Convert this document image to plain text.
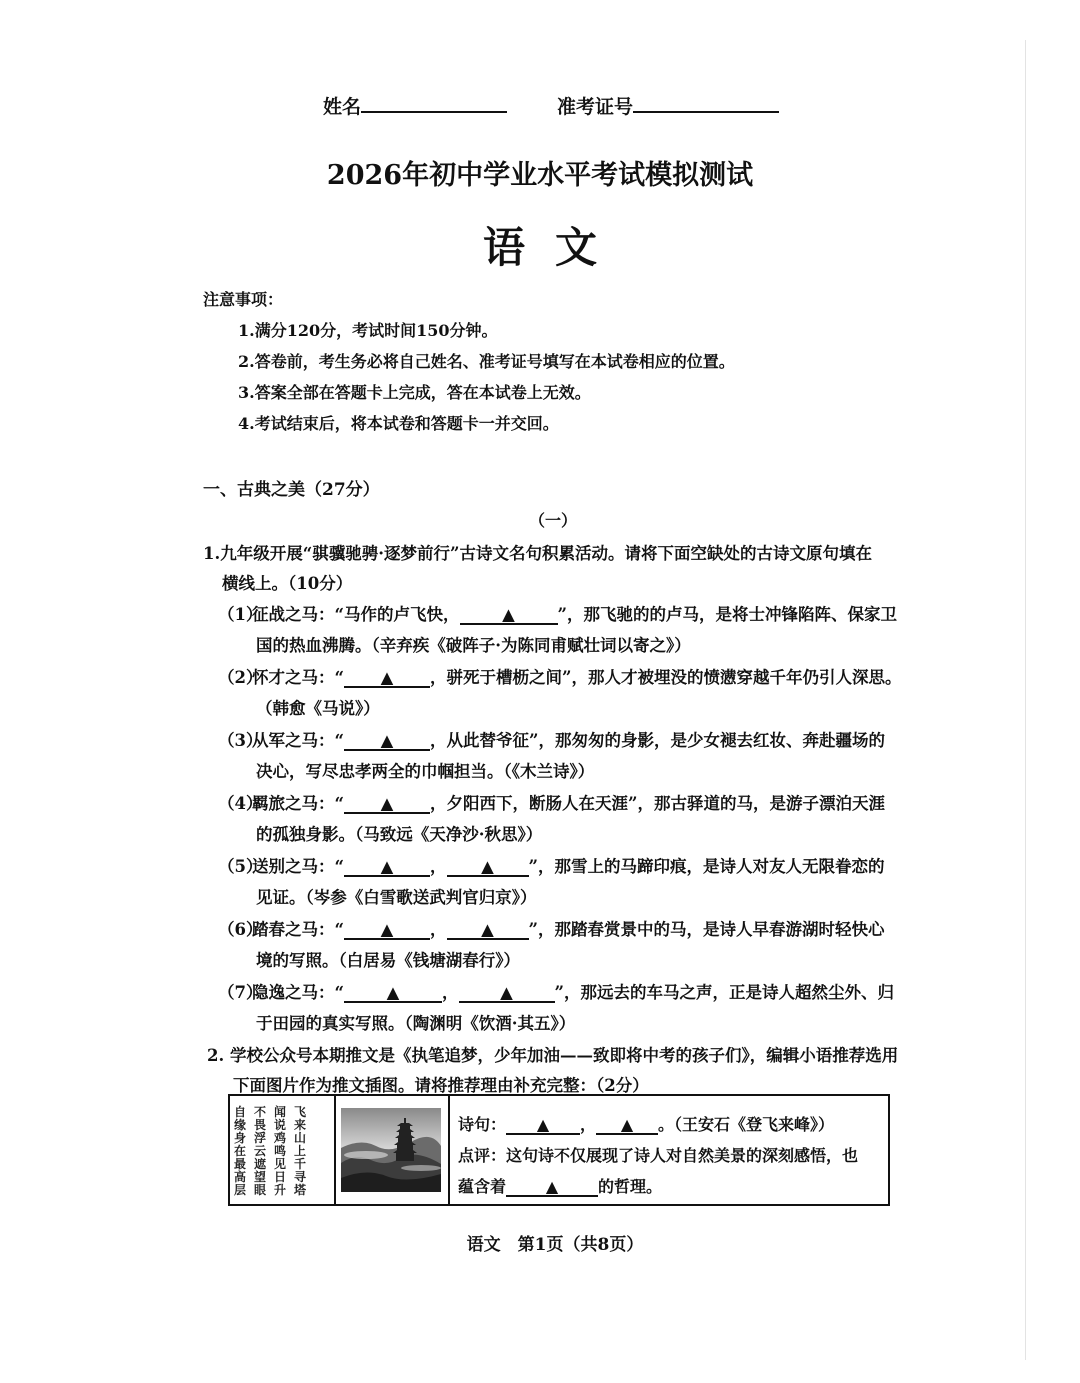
姓名	准考证号
2026年初中学业水平考试模拟测试
语文
注意事项：
1.满分120分，考试时间150分钟。
2.答卷前，考生务必将自己姓名、准考证号填写在本试卷相应的位置。
3.答案全部在答题卡上完成，答在本试卷上无效。
4.考试结束后，将本试卷和答题卡一并交回。
一、古典之美（27分）
（一）
1.九年级开展“骐骥驰骋·逐梦前行”古诗文名句积累活动。请将下面空缺处的古诗文原句填在
横线上。（10分）
（1）征战之马：“马作的卢飞快，	▲	”，那飞驰的的卢马，是将士冲锋陷阵、保家卫
国的热血沸腾。（辛弃疾《破阵子·为陈同甫赋壮词以寄之》）
（2）怀才之马：“ ▲ ，骈死于槽枥之间”，那人才被埋没的愤懑穿越千年仍引人深思。
（韩愈《马说》）
（3）从军之马：“ ▲ ，从此替爷征”，那匆匆的身影，是少女褪去红妆、奔赴疆场的
决心，写尽忠孝两全的巾帼担当。（《木兰诗》）
（4）羁旅之马：“ ▲ ，夕阳西下，断肠人在天涯”，那古驿道的马，是游子漂泊天涯
的孤独身影。（马致远《天净沙·秋思》）
（5）送别之马：“ ▲ ， ▲ ”，那雪上的马蹄印痕，是诗人对友人无限眷恋的
见证。（岑参《白雪歌送武判官归京》）
（6）踏春之马：“ ▲ ， ▲ ”，那踏春赏景中的马，是诗人早春游湖时轻快心
境的写照。（白居易《钱塘湖春行》）
（7）隐逸之马：“	▲	，	▲	”，那远去的车马之声，正是诗人超然尘外、归
于田园的真实写照。（陶渊明《饮酒·其五》）
2. 学校公众号本期推文是《执笔追梦，少年加油——致即将中考的孩子们》，编辑小语推荐选用
下面图片作为推文插图。请将推荐理由补充完整：（2分）
飞来山上千寻塔
闻说鸡鸣见日升
不畏浮云遮望眼
自缘身在最高层
诗句： ▲ ， ▲ 。（王安石《登飞来峰》）
点评：这句诗不仅展现了诗人对自然美景的深刻感悟，也
蕴含着 ▲ 的哲理。
语文　第1页（共8页）
